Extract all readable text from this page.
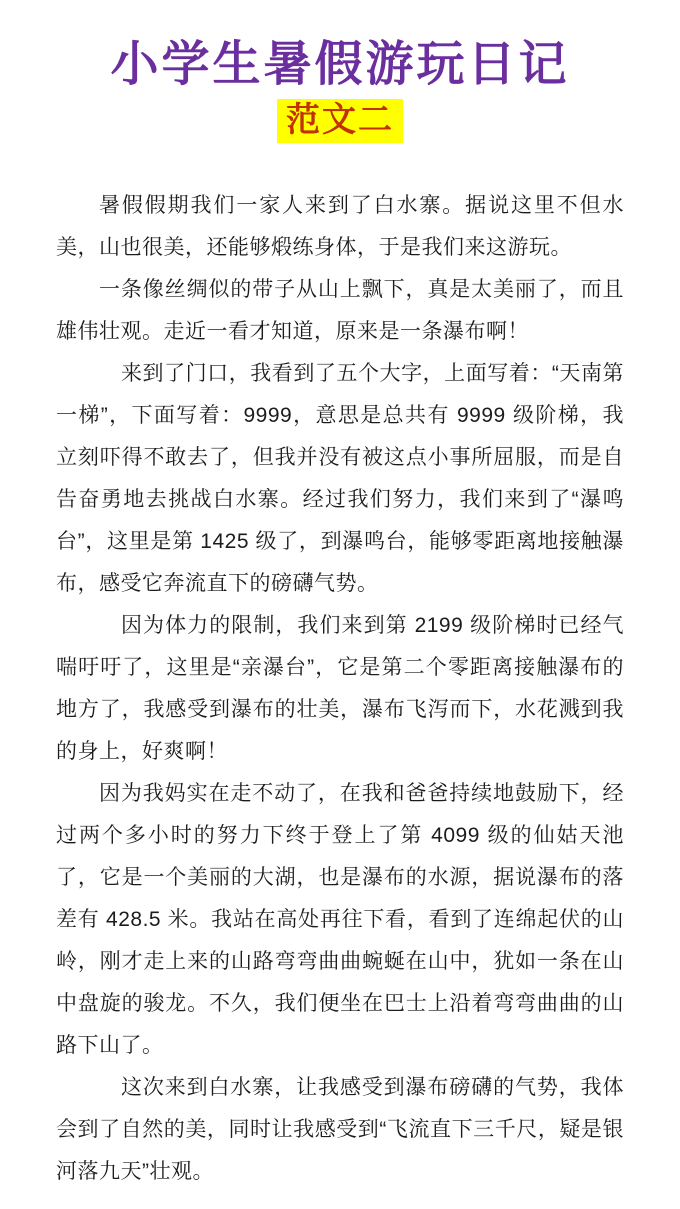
小学生暑假游玩日记
范文二

暑假假期我们一家人来到了白水寨。据说这里不但水美，山也很美，还能够煅练身体，于是我们来这游玩。

一条像丝绸似的带子从山上飘下，真是太美丽了，而且雄伟壮观。走近一看才知道，原来是一条瀑布啊！

来到了门口，我看到了五个大字，上面写着：“天南第一梯”，下面写着：9999，意思是总共有 9999 级阶梯，我立刻吓得不敢去了，但我并没有被这点小事所屈服，而是自告奋勇地去挑战白水寨。经过我们努力，我们来到了“瀑鸣台”，这里是第 1425 级了，到瀑鸣台，能够零距离地接触瀑布，感受它奔流直下的磅礴气势。

因为体力的限制，我们来到第 2199 级阶梯时已经气喘吁吁了，这里是“亲瀑台”，它是第二个零距离接触瀑布的地方了，我感受到瀑布的壮美，瀑布飞泻而下，水花溅到我的身上，好爽啊！

因为我妈实在走不动了，在我和爸爸持续地鼓励下，经过两个多小时的努力下终于登上了第 4099 级的仙姑天池了，它是一个美丽的大湖，也是瀑布的水源，据说瀑布的落差有 428.5 米。我站在高处再往下看，看到了连绵起伏的山岭，刚才走上来的山路弯弯曲曲蜿蜒在山中，犹如一条在山中盘旋的骏龙。不久，我们便坐在巴士上沿着弯弯曲曲的山路下山了。

这次来到白水寨，让我感受到瀑布磅礴的气势，我体会到了自然的美，同时让我感受到“飞流直下三千尺，疑是银河落九天”壮观。
